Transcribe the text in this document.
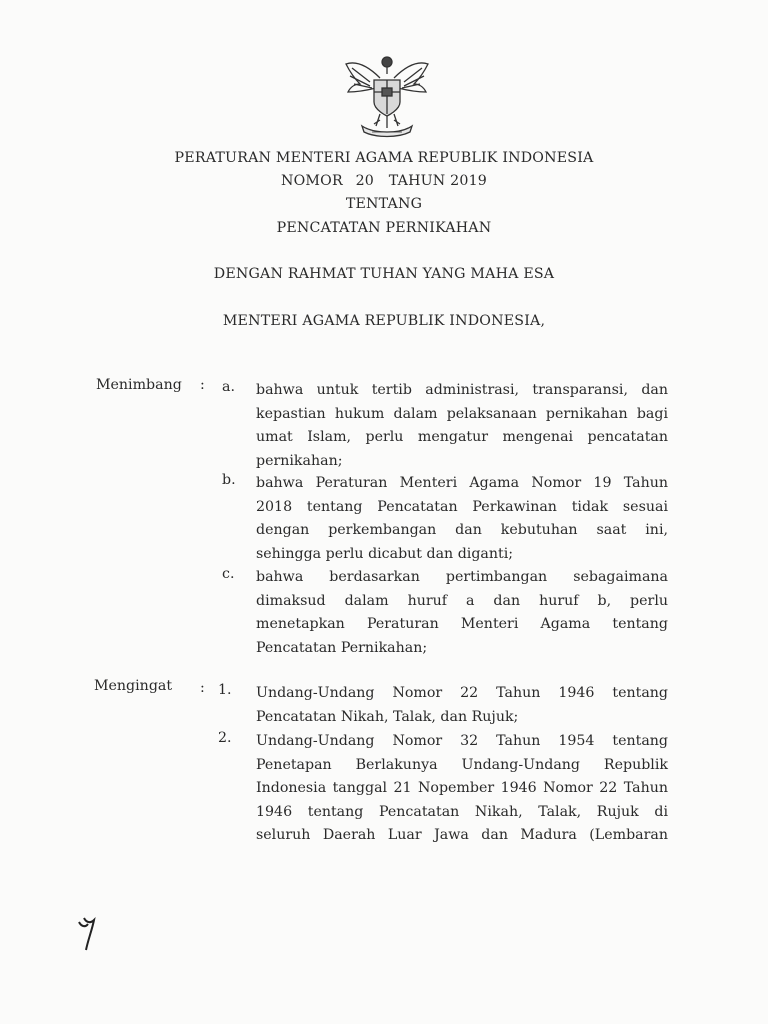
PERATURAN MENTERI AGAMA REPUBLIK INDONESIA
NOMOR 20 TAHUN 2019
TENTANG
PENCATATAN PERNIKAHAN
DENGAN RAHMAT TUHAN YANG MAHA ESA
MENTERI AGAMA REPUBLIK INDONESIA,
Menimbang : a. bahwa untuk tertib administrasi, transparansi, dan
kepastian hukum dalam pelaksanaan pernikahan bagi
umat Islam, perlu mengatur mengenai pencatatan
pernikahan;
b. bahwa Peraturan Menteri Agama Nomor 19 Tahun
2018 tentang Pencatatan Perkawinan tidak sesuai
dengan perkembangan dan kebutuhan saat ini,
sehingga perlu dicabut dan diganti;
c. bahwa berdasarkan pertimbangan sebagaimana
dimaksud dalam huruf a dan huruf b, perlu
menetapkan Peraturan Menteri Agama tentang
Pencatatan Pernikahan;
Mengingat : 1. Undang-Undang Nomor 22 Tahun 1946 tentang
Pencatatan Nikah, Talak, dan Rujuk;
2. Undang-Undang Nomor 32 Tahun 1954 tentang
Penetapan Berlakunya Undang-Undang Republik
Indonesia tanggal 21 Nopember 1946 Nomor 22 Tahun
1946 tentang Pencatatan Nikah, Talak, Rujuk di
seluruh Daerah Luar Jawa dan Madura (Lembaran
